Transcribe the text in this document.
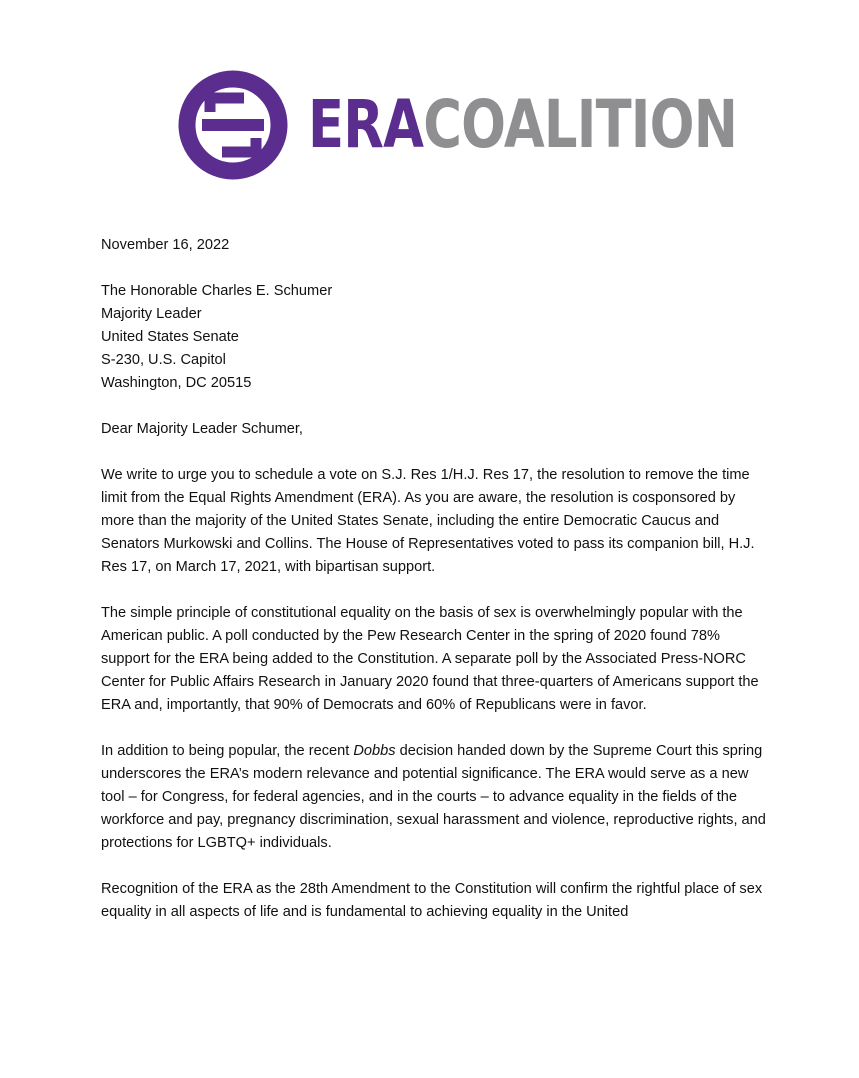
ERACOALITION

November 16, 2022

The Honorable Charles E. Schumer
Majority Leader
United States Senate
S-230, U.S. Capitol
Washington, DC 20515

Dear Majority Leader Schumer,

We write to urge you to schedule a vote on S.J. Res 1/H.J. Res 17, the resolution to remove the time limit from the Equal Rights Amendment (ERA). As you are aware, the resolution is cosponsored by more than the majority of the United States Senate, including the entire Democratic Caucus and Senators Murkowski and Collins. The House of Representatives voted to pass its companion bill, H.J. Res 17, on March 17, 2021, with bipartisan support.

The simple principle of constitutional equality on the basis of sex is overwhelmingly popular with the American public. A poll conducted by the Pew Research Center in the spring of 2020 found 78% support for the ERA being added to the Constitution. A separate poll by the Associated Press-NORC Center for Public Affairs Research in January 2020 found that three-quarters of Americans support the ERA and, importantly, that 90% of Democrats and 60% of Republicans were in favor.

In addition to being popular, the recent Dobbs decision handed down by the Supreme Court this spring underscores the ERA’s modern relevance and potential significance. The ERA would serve as a new tool – for Congress, for federal agencies, and in the courts – to advance equality in the fields of the workforce and pay, pregnancy discrimination, sexual harassment and violence, reproductive rights, and protections for LGBTQ+ individuals.

Recognition of the ERA as the 28th Amendment to the Constitution will confirm the rightful place of sex equality in all aspects of life and is fundamental to achieving equality in the United
